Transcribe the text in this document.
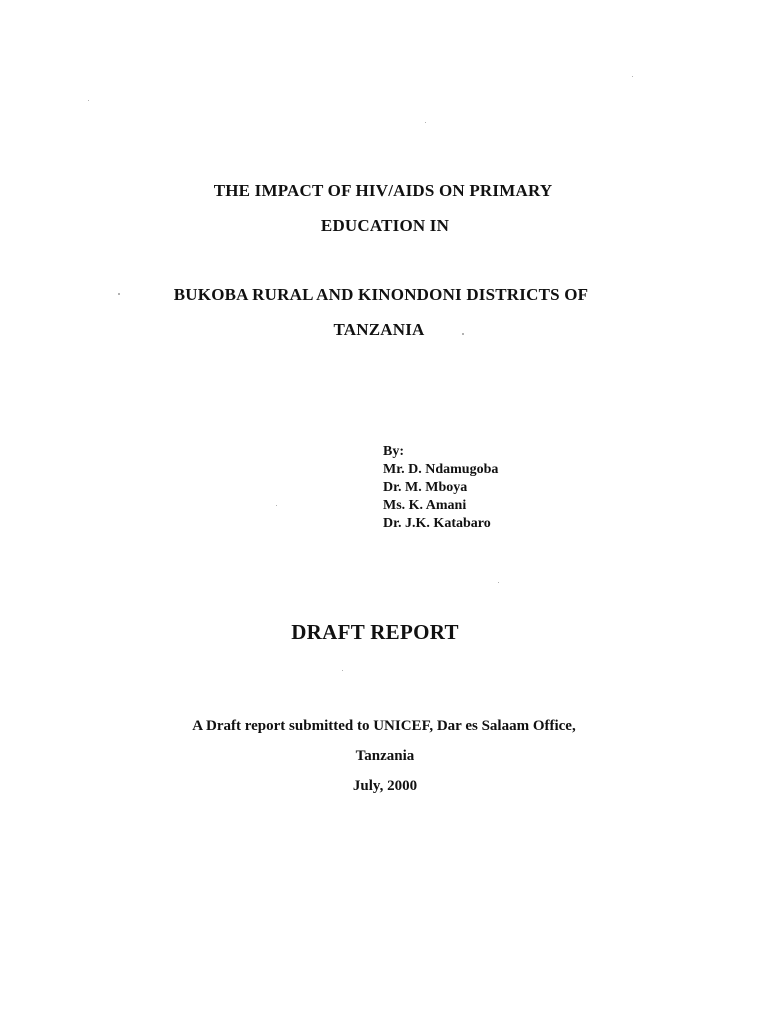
THE IMPACT OF HIV/AIDS ON PRIMARY
EDUCATION IN
BUKOBA RURAL AND KINONDONI DISTRICTS OF
TANZANIA
By:
Mr. D. Ndamugoba
Dr. M. Mboya
Ms. K. Amani
Dr. J.K. Katabaro
DRAFT REPORT
A Draft report submitted to UNICEF, Dar es Salaam Office,
Tanzania
July, 2000
